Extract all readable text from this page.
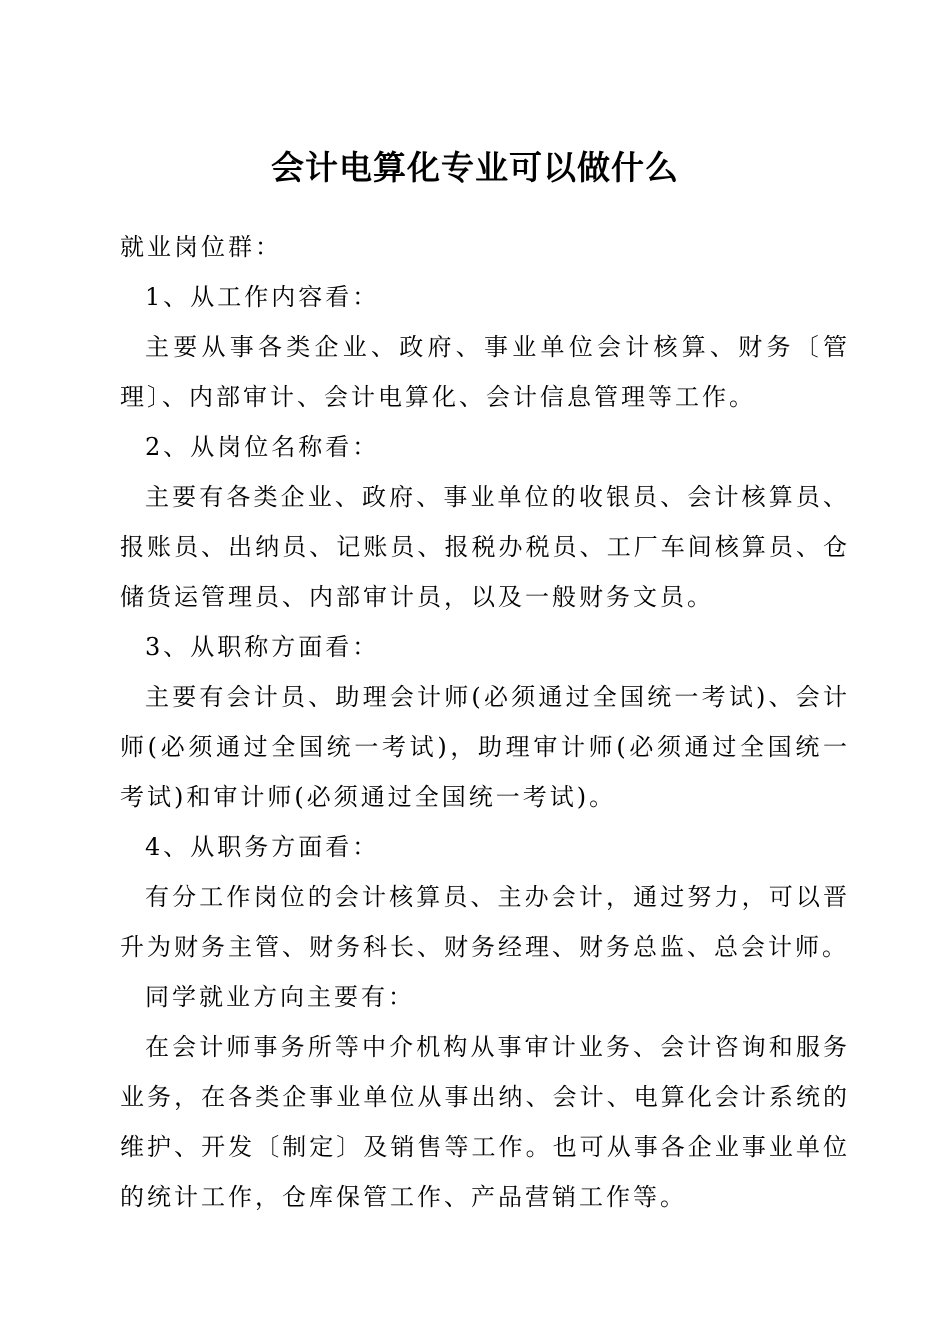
会计电算化专业可以做什么

就业岗位群：

1、从工作内容看：

主要从事各类企业、政府、事业单位会计核算、财务〔管理〕、内部审计、会计电算化、会计信息管理等工作。

2、从岗位名称看：

主要有各类企业、政府、事业单位的收银员、会计核算员、报账员、出纳员、记账员、报税办税员、工厂车间核算员、仓储货运管理员、内部审计员，以及一般财务文员。

3、从职称方面看：

主要有会计员、助理会计师(必须通过全国统一考试)、会计师(必须通过全国统一考试)，助理审计师(必须通过全国统一考试)和审计师(必须通过全国统一考试)。

4、从职务方面看：

有分工作岗位的会计核算员、主办会计，通过努力，可以晋升为财务主管、财务科长、财务经理、财务总监、总会计师。

同学就业方向主要有：

在会计师事务所等中介机构从事审计业务、会计咨询和服务业务，在各类企事业单位从事出纳、会计、电算化会计系统的维护、开发〔制定〕及销售等工作。也可从事各企业事业单位的统计工作，仓库保管工作、产品营销工作等。
